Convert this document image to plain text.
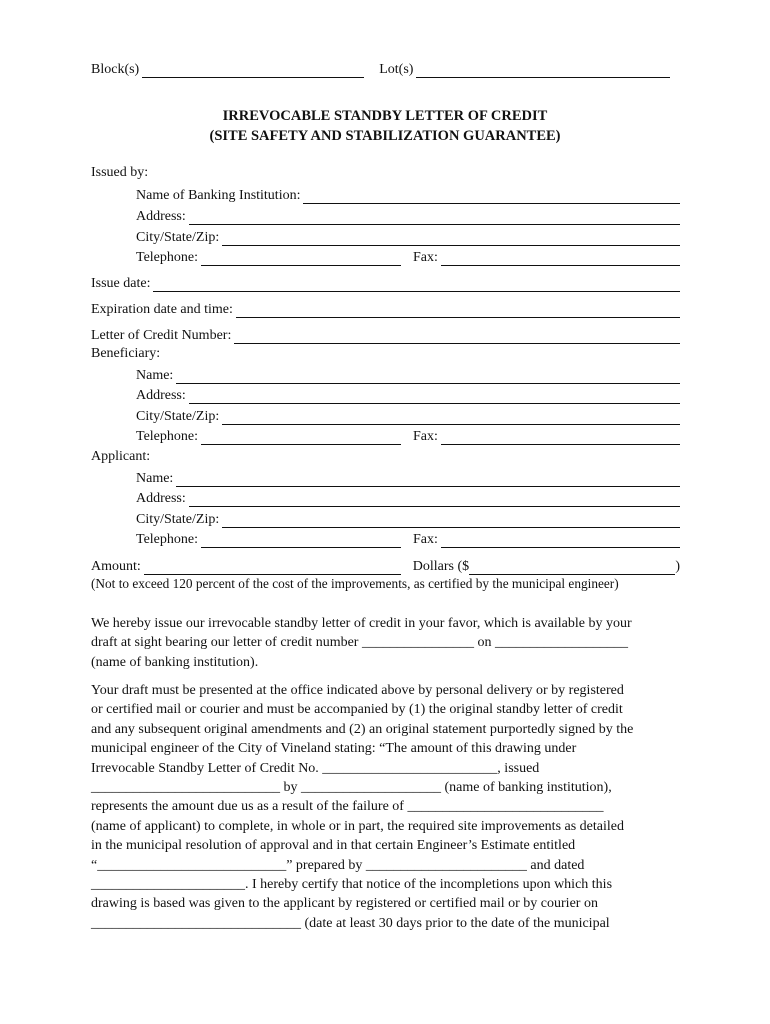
Block(s)	Lot(s)
IRREVOCABLE STANDBY LETTER OF CREDIT
(SITE SAFETY AND STABILIZATION GUARANTEE)
Issued by:
Name of Banking Institution:
Address:
City/State/Zip:
Telephone:	Fax:
Issue date:
Expiration date and time:
Letter of Credit Number:
Beneficiary:
Name:
Address:
City/State/Zip:
Telephone:	Fax:
Applicant:
Name:
Address:
City/State/Zip:
Telephone:	Fax:
Amount:	Dollars ($	)
(Not to exceed 120 percent of the cost of the improvements, as certified by the municipal engineer)
We hereby issue our irrevocable standby letter of credit in your favor, which is available by your
draft at sight bearing our letter of credit number ________________ on ___________________
(name of banking institution).
Your draft must be presented at the office indicated above by personal delivery or by registered
or certified mail or courier and must be accompanied by (1) the original standby letter of credit
and any subsequent original amendments and (2) an original statement purportedly signed by the
municipal engineer of the City of Vineland stating: “The amount of this drawing under
Irrevocable Standby Letter of Credit No. _________________________, issued
___________________________ by ____________________ (name of banking institution),
represents the amount due us as a result of the failure of ____________________________
(name of applicant) to complete, in whole or in part, the required site improvements as detailed
in the municipal resolution of approval and in that certain Engineer’s Estimate entitled
“___________________________” prepared by _______________________ and dated
______________________. I hereby certify that notice of the incompletions upon which this
drawing is based was given to the applicant by registered or certified mail or by courier on
______________________________ (date at least 30 days prior to the date of the municipal
